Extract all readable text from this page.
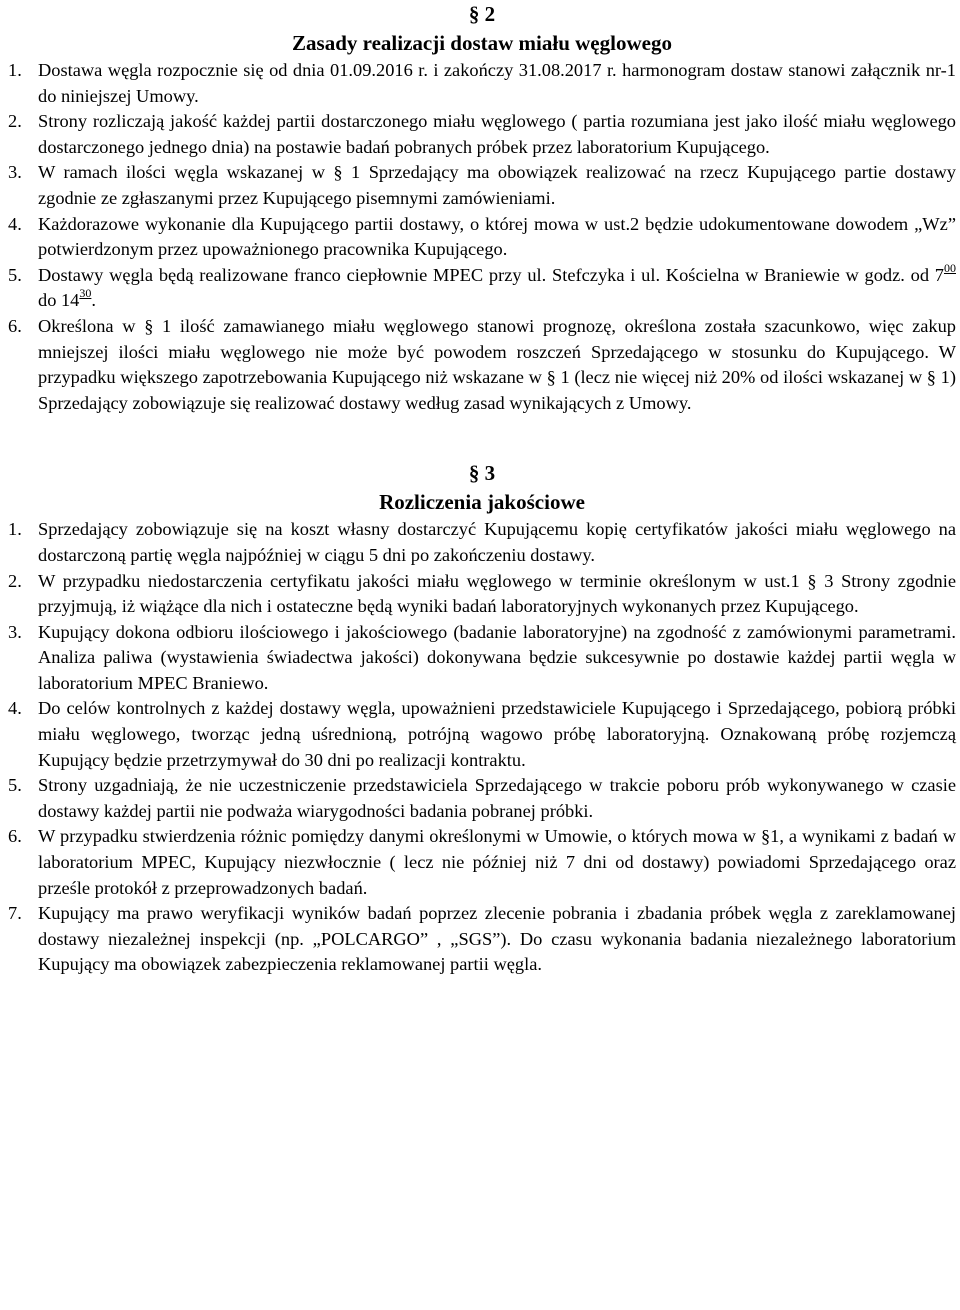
§ 2
Zasady realizacji dostaw miału węglowego
1. Dostawa węgla rozpocznie się od dnia 01.09.2016 r. i zakończy 31.08.2017 r. harmonogram dostaw stanowi załącznik nr-1 do niniejszej Umowy.
2. Strony rozliczają jakość każdej partii dostarczonego miału węglowego ( partia rozumiana jest jako ilość miału węglowego dostarczonego jednego dnia) na postawie badań pobranych próbek przez laboratorium Kupującego.
3. W ramach ilości węgla wskazanej w § 1 Sprzedający ma obowiązek realizować na rzecz Kupującego partie dostawy zgodnie ze zgłaszanymi przez Kupującego pisemnymi zamówieniami.
4. Każdorazowe wykonanie dla Kupującego partii dostawy, o której mowa w ust.2 będzie udokumentowane dowodem „Wz” potwierdzonym przez upoważnionego pracownika Kupującego.
5. Dostawy węgla będą realizowane franco ciepłownie MPEC przy ul. Stefczyka i ul. Kościelna w Braniewie w godz. od $7^{00}$ do $14^{30}$.
6. Określona w § 1 ilość zamawianego miału węglowego stanowi prognozę, określona została szacunkowo, więc zakup mniejszej ilości miału węglowego nie może być powodem roszczeń Sprzedającego w stosunku do Kupującego. W przypadku większego zapotrzebowania Kupującego niż wskazane w § 1 (lecz nie więcej niż 20% od ilości wskazanej w § 1) Sprzedający zobowiązuje się realizować dostawy według zasad wynikających z Umowy.
§ 3
Rozliczenia jakościowe
1. Sprzedający zobowiązuje się na koszt własny dostarczyć Kupującemu kopię certyfikatów jakości miału węglowego na dostarczoną partię węgla najpóźniej w ciągu 5 dni po zakończeniu dostawy.
2. W przypadku niedostarczenia certyfikatu jakości miału węglowego w terminie określonym w ust.1 § 3 Strony zgodnie przyjmują, iż wiążące dla nich i ostateczne będą wyniki badań laboratoryjnych wykonanych przez Kupującego.
3. Kupujący dokona odbioru ilościowego i jakościowego (badanie laboratoryjne) na zgodność z zamówionymi parametrami. Analiza paliwa (wystawienia świadectwa jakości) dokonywana będzie sukcesywnie po dostawie każdej partii węgla w laboratorium MPEC Braniewo.
4. Do celów kontrolnych z każdej dostawy węgla, upoważnieni przedstawiciele Kupującego i Sprzedającego, pobiorą próbki miału węglowego, tworząc jedną uśrednioną, potrójną wagowo próbę laboratoryjną. Oznakowaną próbę rozjemczą Kupujący będzie przetrzymywał do 30 dni po realizacji kontraktu.
5. Strony uzgadniają, że nie uczestniczenie przedstawiciela Sprzedającego w trakcie poboru prób wykonywanego w czasie dostawy każdej partii nie podważa wiarygodności badania pobranej próbki.
6. W przypadku stwierdzenia różnic pomiędzy danymi określonymi w Umowie, o których mowa w §1, a wynikami z badań w laboratorium MPEC, Kupujący niezwłocznie ( lecz nie później niż 7 dni od dostawy) powiadomi Sprzedającego oraz prześle protokół z przeprowadzonych badań.
7. Kupujący ma prawo weryfikacji wyników badań poprzez zlecenie pobrania i zbadania próbek węgla z zareklamowanej dostawy niezależnej inspekcji (np. „POLCARGO” , „SGS”). Do czasu wykonania badania niezależnego laboratorium Kupujący ma obowiązek zabezpieczenia reklamowanej partii węgla.
